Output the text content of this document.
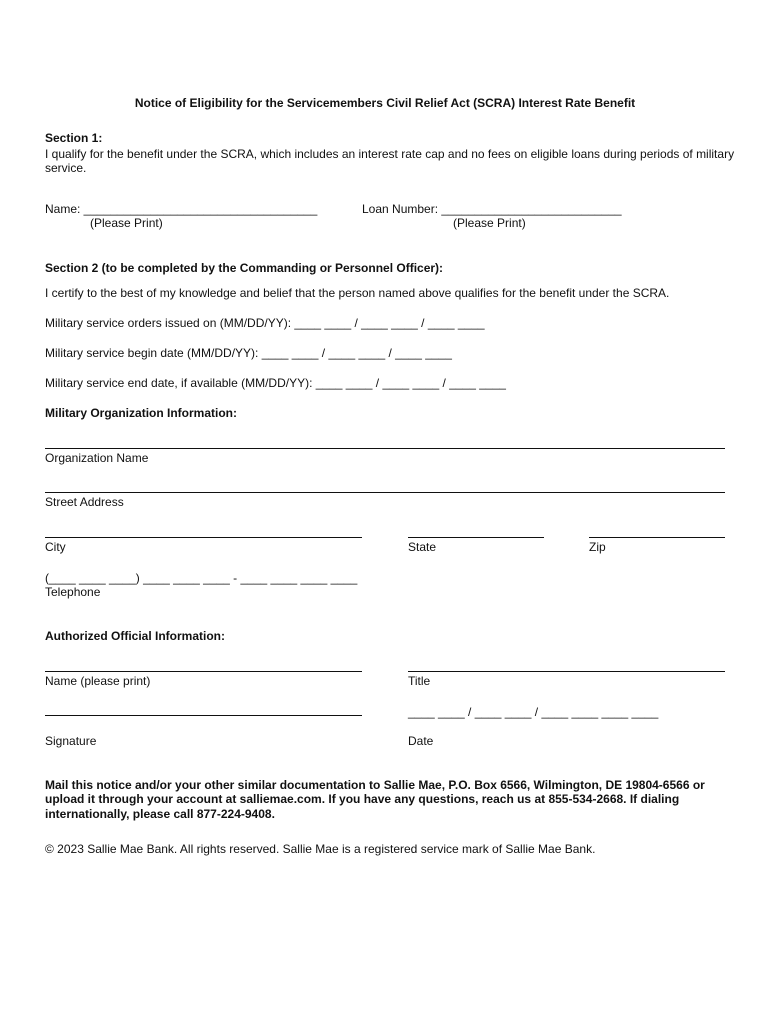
Notice of Eligibility for the Servicemembers Civil Relief Act (SCRA) Interest Rate Benefit
Section 1:
I qualify for the benefit under the SCRA, which includes an interest rate cap and no fees on eligible loans during periods of military service.
Name: ___________________________________
(Please Print)
Loan Number: ___________________________
(Please Print)
Section 2 (to be completed by the Commanding or Personnel Officer):
I certify to the best of my knowledge and belief that the person named above qualifies for the benefit under the SCRA.
Military service orders issued on (MM/DD/YY): ____ ____ / ____ ____ / ____ ____
Military service begin date (MM/DD/YY): ____ ____ / ____ ____ / ____ ____
Military service end date, if available (MM/DD/YY): ____ ____ / ____ ____ / ____ ____
Military Organization Information:
Organization Name
Street Address
City	State	Zip
(____ ____ ____) ____ ____ ____ - ____ ____ ____ ____
Telephone
Authorized Official Information:
Name (please print)	Title
____ ____ / ____ ____ / ____ ____ ____ ____
Signature	Date
Mail this notice and/or your other similar documentation to Sallie Mae, P.O. Box 6566, Wilmington, DE 19804-6566 or upload it through your account at salliemae.com. If you have any questions, reach us at 855-534-2668. If dialing internationally, please call 877-224-9408.
© 2023 Sallie Mae Bank. All rights reserved. Sallie Mae is a registered service mark of Sallie Mae Bank.
